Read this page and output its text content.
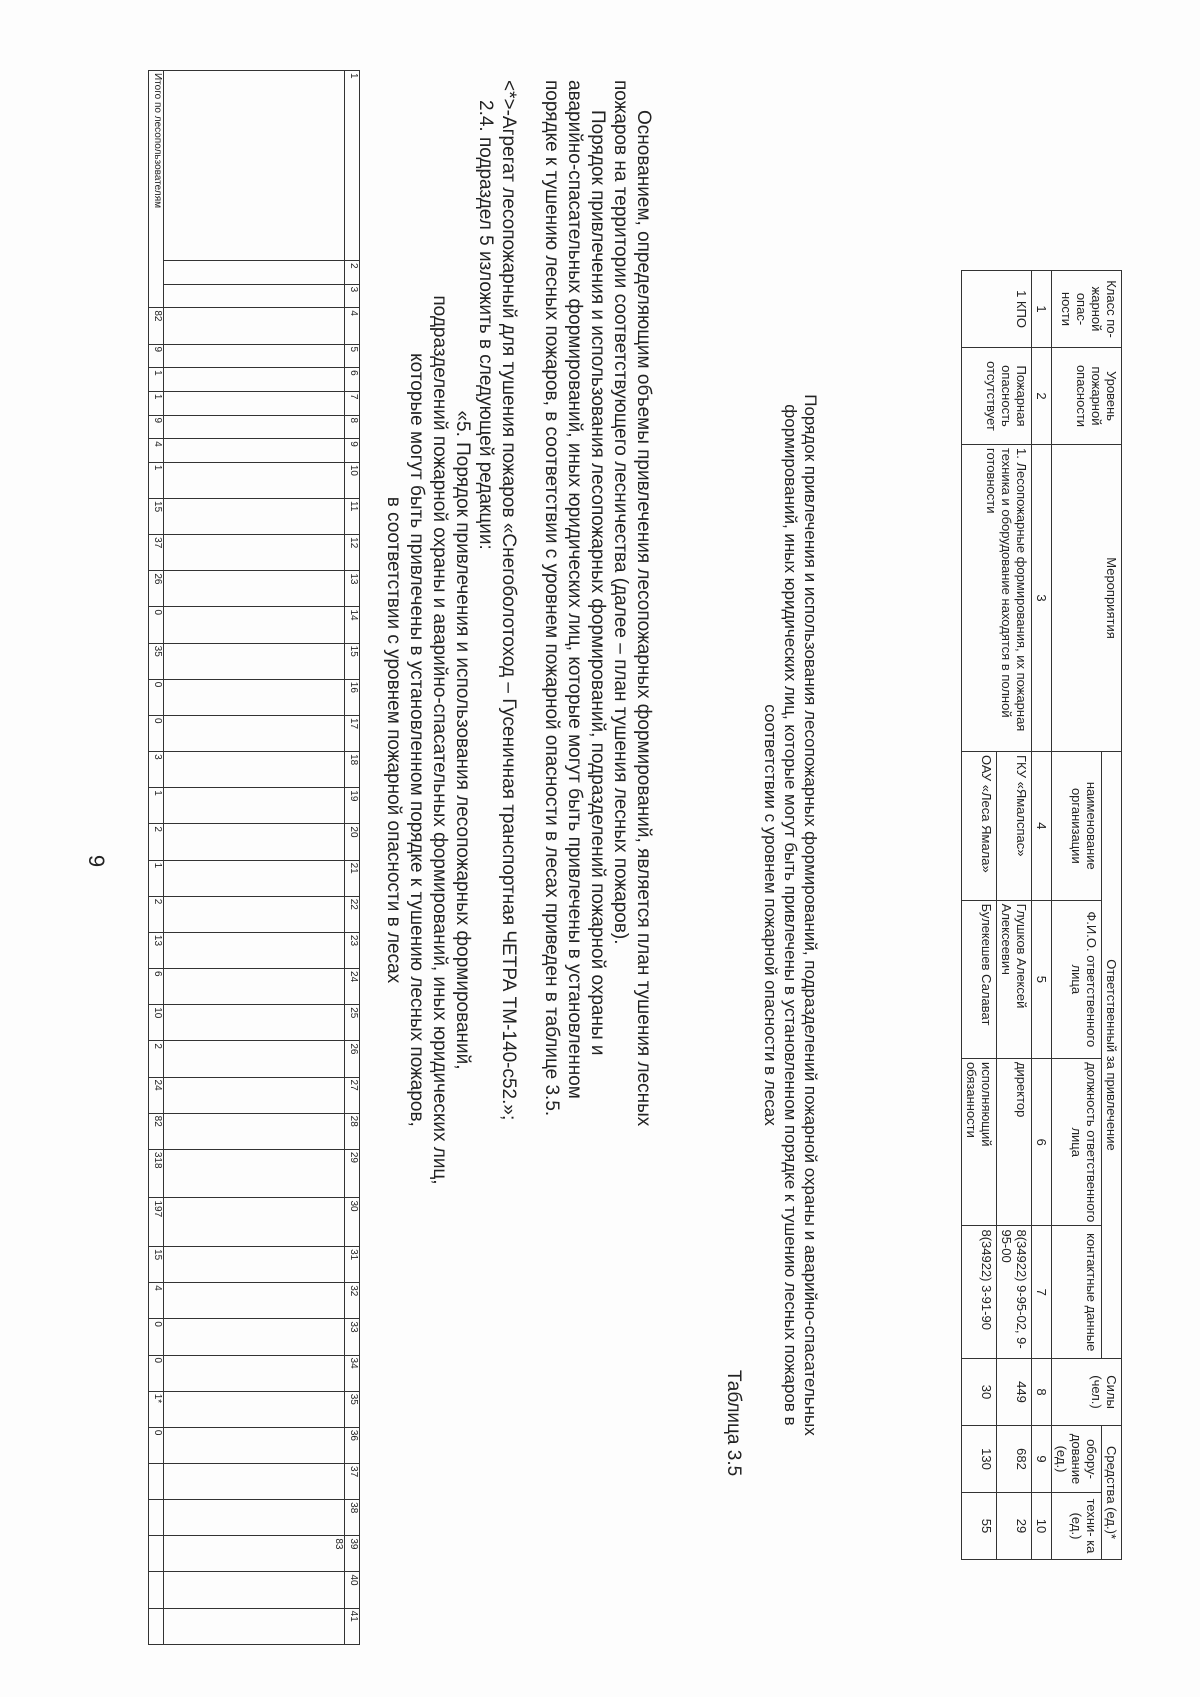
9
1	2	3	4	5	6	7	8	9	10	11	12	13	14	15	16	17	18	19	20	21	22	23	24	25	26	27	28	29	30	31	32	33	34	35	36	37	38	39	40	41
																																						83		
Итого по лесопользователям			82	9	1	1	9	4	1	15	37	26	0	35	0	0	3	1	2	1	2	13	6	10	2	24	82	318	197	15	4	0	0	1*	0					
<*>-Агрегат лесопожарный для тушения пожаров «Снегоболотоход – Гусеничная транспортная ЧЕТРА ТМ-140-с52.»;
2.4. подраздел 5 изложить в следующей редакции:
«5. Порядок привлечения и использования лесопожарных формирований,
подразделений пожарной охраны и аварийно-спасательных формирований, иных юридических лиц,
которые могут быть привлечены в установленном порядке к тушению лесных пожаров,
в соответствии с уровнем пожарной опасности в лесах	Основанием, определяющим объемы привлечения лесопожарных формирований, является план тушения лесных
пожаров на территории соответствующего лесничества (далее – план тушения лесных пожаров).
Порядок привлечения и использования лесопожарных формирований, подразделений пожарной охраны и
аварийно-спасательных формирований, иных юридических лиц, которые могут быть привлечены в установленном
Таблица 3.5	Порядок привлечения и использования лесопожарных формирований, подразделений пожарной охраны и аварийно-спасательных
формирований, иных юридических лиц, которые могут быть привлечены в установленном порядке к тушению лесных пожаров в
соответствии с уровнем пожарной опасности в лесах
Класс по- жарной опас- ности	Уровень пожарной опасности	Мероприятия	Ответственный за привлечение				Силы (чел.)	Средства (ед.)*	
			наименование организации	Ф.И.О. ответственного лица	должность ответственного лица	контактные данные		обору- дование (ед.)	техни- ка (ед.)
1	2	3	4	5	6	7	8	9	10
1 КПО	Пожарная опасность отсутствует	1. Лесопожарные формирования, их пожарная техника и оборудование находятся в полной готовности	ГКУ «Ямалспас»	Глушков Алексей Алексеевич	директор	8(34922) 9-95-02, 9-95-00	449	682	29
			ОАУ «Леса Ямала»	Булекешев Салават	исполняющий обязанности	8(34922) 3-91-90	30	130	55
порядке к тушению лесных пожаров, в соответствии с уровнем пожарной опасности в лесах приведен в таблице 3.5.
